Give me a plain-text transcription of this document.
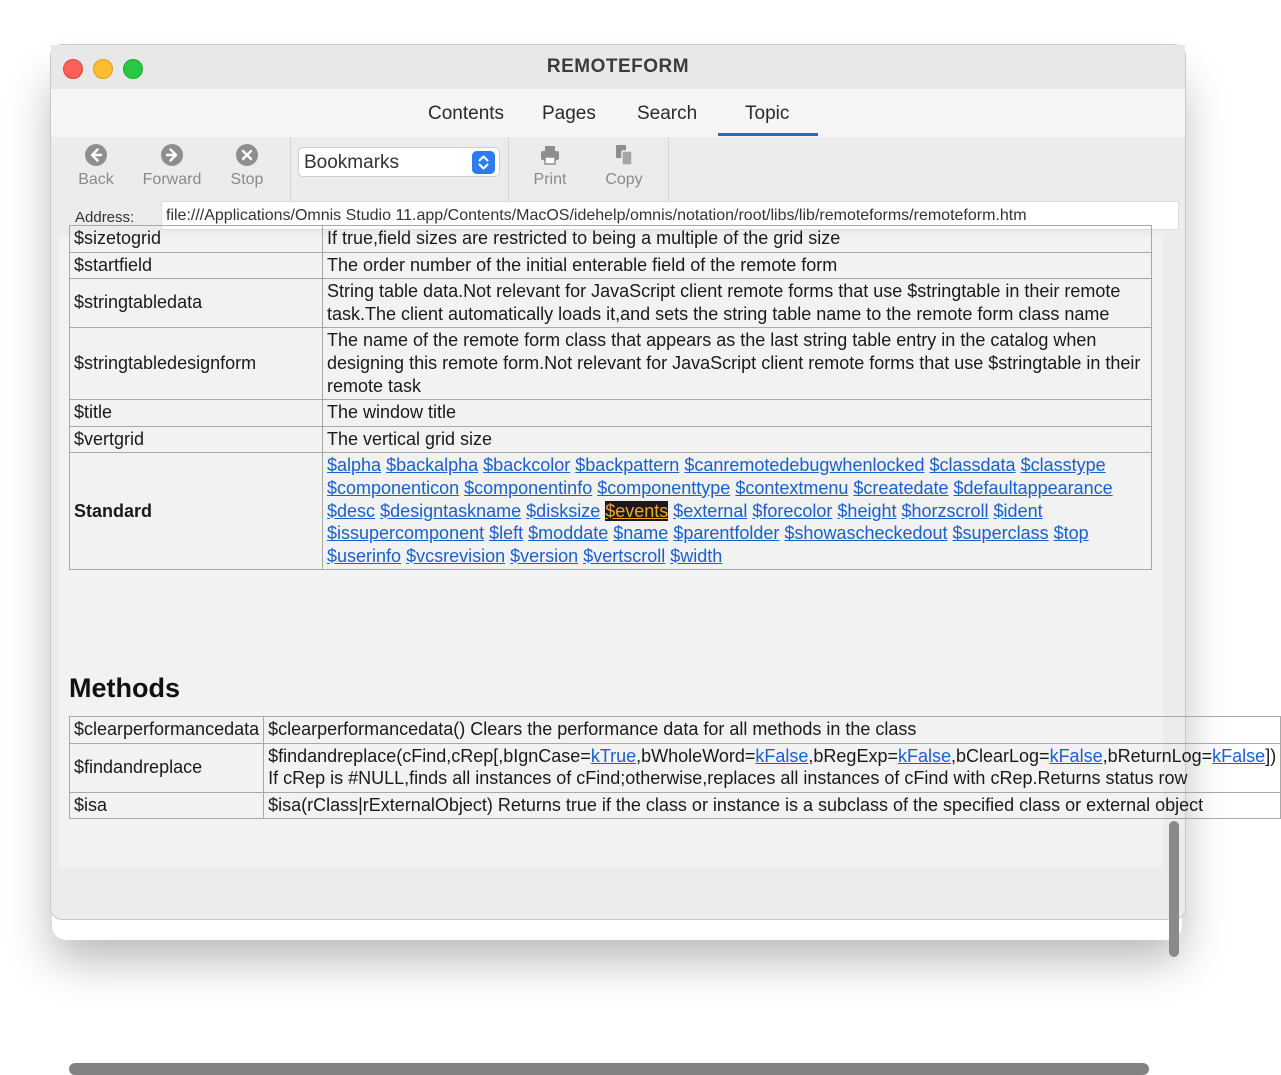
REMOTEFORM
Contents Pages Search	Topic
Back	Forward	Stop
Bookmarks
Print	Copy
Address:	file:///Applications/Omnis Studio 11.app/Contents/MacOS/idehelp/omnis/notation/root/libs/lib/remoteforms/remoteform.htm
$sizetogrid	If true,field sizes are restricted to being a multiple of the grid size
$startfield	The order number of the initial enterable field of the remote form
$stringtabledata	String table data.Not relevant for JavaScript client remote forms that use $stringtable in their remote task.The client automatically loads it,and sets the string table name to the remote form class name
$stringtabledesignform	The name of the remote form class that appears as the last string table entry in the catalog when designing this remote form.Not relevant for JavaScript client remote forms that use $stringtable in their remote task
$title	The window title
$vertgrid	The vertical grid size
Standard	$alpha $backalpha $backcolor $backpattern $canremotedebugwhenlocked $classdata $classtype $componenticon $componentinfo $componenttype $contextmenu $createdate $defaultappearance $desc $designtaskname $disksize $events $external $forecolor $height $horzscroll $ident $issupercomponent $left $moddate $name $parentfolder $showascheckedout $superclass $top $userinfo $vcsrevision $version $vertscroll $width
Methods
$clearperformancedata	$clearperformancedata() Clears the performance data for all methods in the class
$findandreplace	$findandreplace(cFind,cRep[,bIgnCase=kTrue,bWholeWord=kFalse,bRegExp=kFalse,bClearLog=kFalse,bReturnLog=kFalse]) If cRep is #NULL,finds all instances of cFind;otherwise,replaces all instances of cFind with cRep.Returns status row
$isa	$isa(rClass|rExternalObject) Returns true if the class or instance is a subclass of the specified class or external object
